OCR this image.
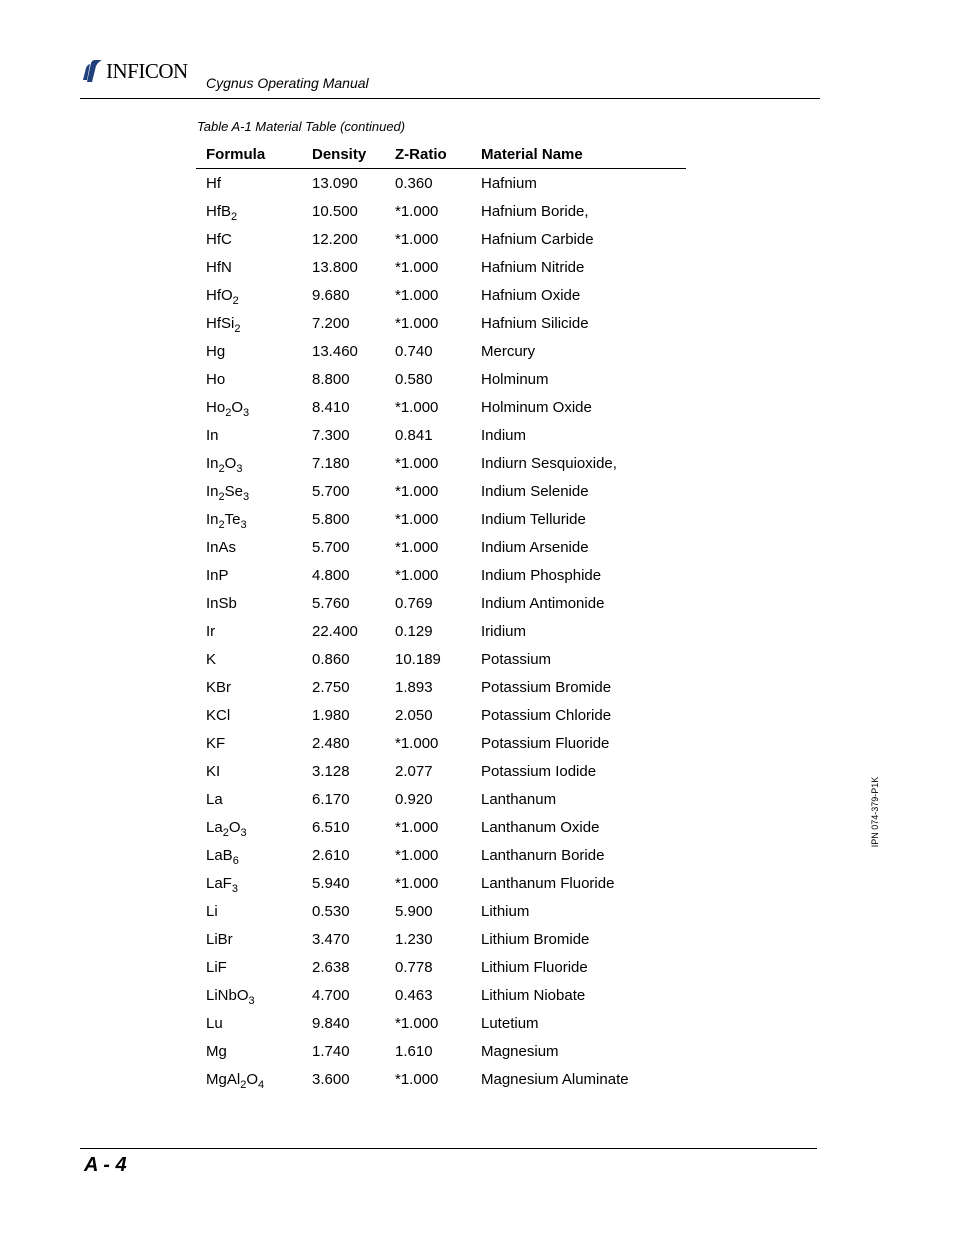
INFICON
Cygnus Operating Manual
Table A-1 Material Table (continued)
Formula	Density	Z-Ratio	Material Name
Hf	13.090	0.360	Hafnium
HfB$_2$	10.500	*1.000	Hafnium Boride,
HfC	12.200	*1.000	Hafnium Carbide
HfN	13.800	*1.000	Hafnium Nitride
HfO$_2$	9.680	*1.000	Hafnium Oxide
HfSi$_2$	7.200	*1.000	Hafnium Silicide
Hg	13.460	0.740	Mercury
Ho	8.800	0.580	Holminum
$Ho_2O_3$	8.410	*1.000	Holminum Oxide
In	7.300	0.841	Indium
$In_2O_3$	7.180	*1.000	Indiurn Sesquioxide,
$In_2Se_3$	5.700	*1.000	Indium Selenide
$In_2Te_3$	5.800	*1.000	Indium Telluride
InAs	5.700	*1.000	Indium Arsenide
InP	4.800	*1.000	Indium Phosphide
InSb	5.760	0.769	Indium Antimonide
Ir	22.400	0.129	Iridium
K	0.860	10.189	Potassium
KBr	2.750	1.893	Potassium Bromide
KCl	1.980	2.050	Potassium Chloride
KF	2.480	*1.000	Potassium Fluoride
KI	3.128	2.077	Potassium Iodide
La	6.170	0.920	Lanthanum
$La_2O_3$	6.510	*1.000	Lanthanum Oxide
LaB$_6$	2.610	*1.000	Lanthanurn Boride
LaF$_3$	5.940	*1.000	Lanthanum Fluoride
Li	0.530	5.900	Lithium
LiBr	3.470	1.230	Lithium Bromide
LiF	2.638	0.778	Lithium Fluoride
LiNbO$_3$	4.700	0.463	Lithium Niobate
Lu	9.840	*1.000	Lutetium
Mg	1.740	1.610	Magnesium
$MgAl_2O_4$	3.600	*1.000	Magnesium Aluminate
IPN 074-379-P1K
A - 4
